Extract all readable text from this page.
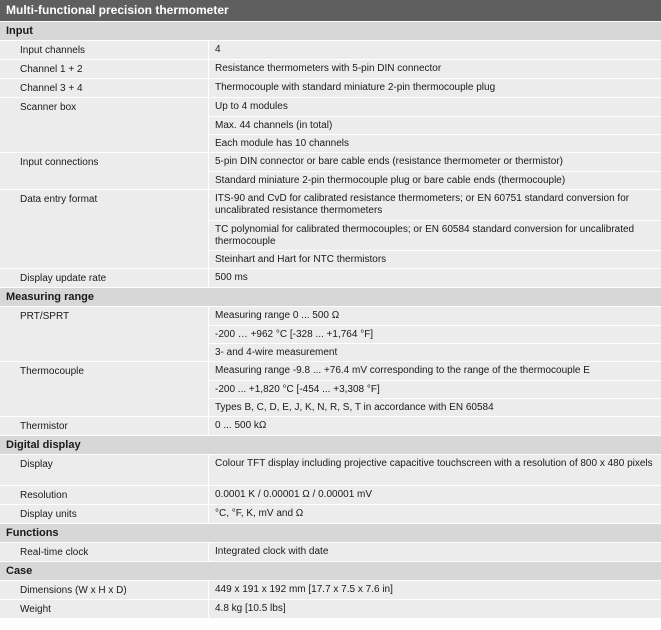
Multi-functional precision thermometer
Input
Input channels	4
Channel 1 + 2	Resistance thermometers with 5-pin DIN connector
Channel 3 + 4	Thermocouple with standard miniature 2-pin thermocouple plug
Scanner box	Up to 4 modules
Max. 44 channels (in total)
Each module has 10 channels
Input connections	5-pin DIN connector or bare cable ends (resistance thermometer or thermistor)
Standard miniature 2-pin thermocouple plug or bare cable ends (thermocouple)
Data entry format	ITS-90 and CvD for calibrated resistance thermometers; or EN 60751 standard conversion for uncalibrated resistance thermometers
TC polynomial for calibrated thermocouples; or EN 60584 standard conversion for uncalibrated thermocouple
Steinhart and Hart for NTC thermistors
Display update rate	500 ms
Measuring range
PRT/SPRT	Measuring range 0 ... 500 Ω
-200 … +962 °C [-328 ... +1,764 °F]
3- and 4-wire measurement
Thermocouple	Measuring range -9.8 ... +76.4 mV corresponding to the range of the thermocouple E
-200 ... +1,820 °C [-454 ... +3,308 °F]
Types B, C, D, E, J, K, N, R, S, T in accordance with EN 60584
Thermistor	0 ... 500 kΩ
Digital display
Display	Colour TFT display including projective capacitive touchscreen with a resolution of 800 x 480 pixels
Resolution	0.0001 K / 0.00001 Ω / 0.00001 mV
Display units	°C, °F, K, mV and Ω
Functions
Real-time clock	Integrated clock with date
Case
Dimensions (W x H x D)	449 x 191 x 192 mm [17.7 x 7.5 x 7.6 in]
Weight	4.8 kg [10.5 lbs]
